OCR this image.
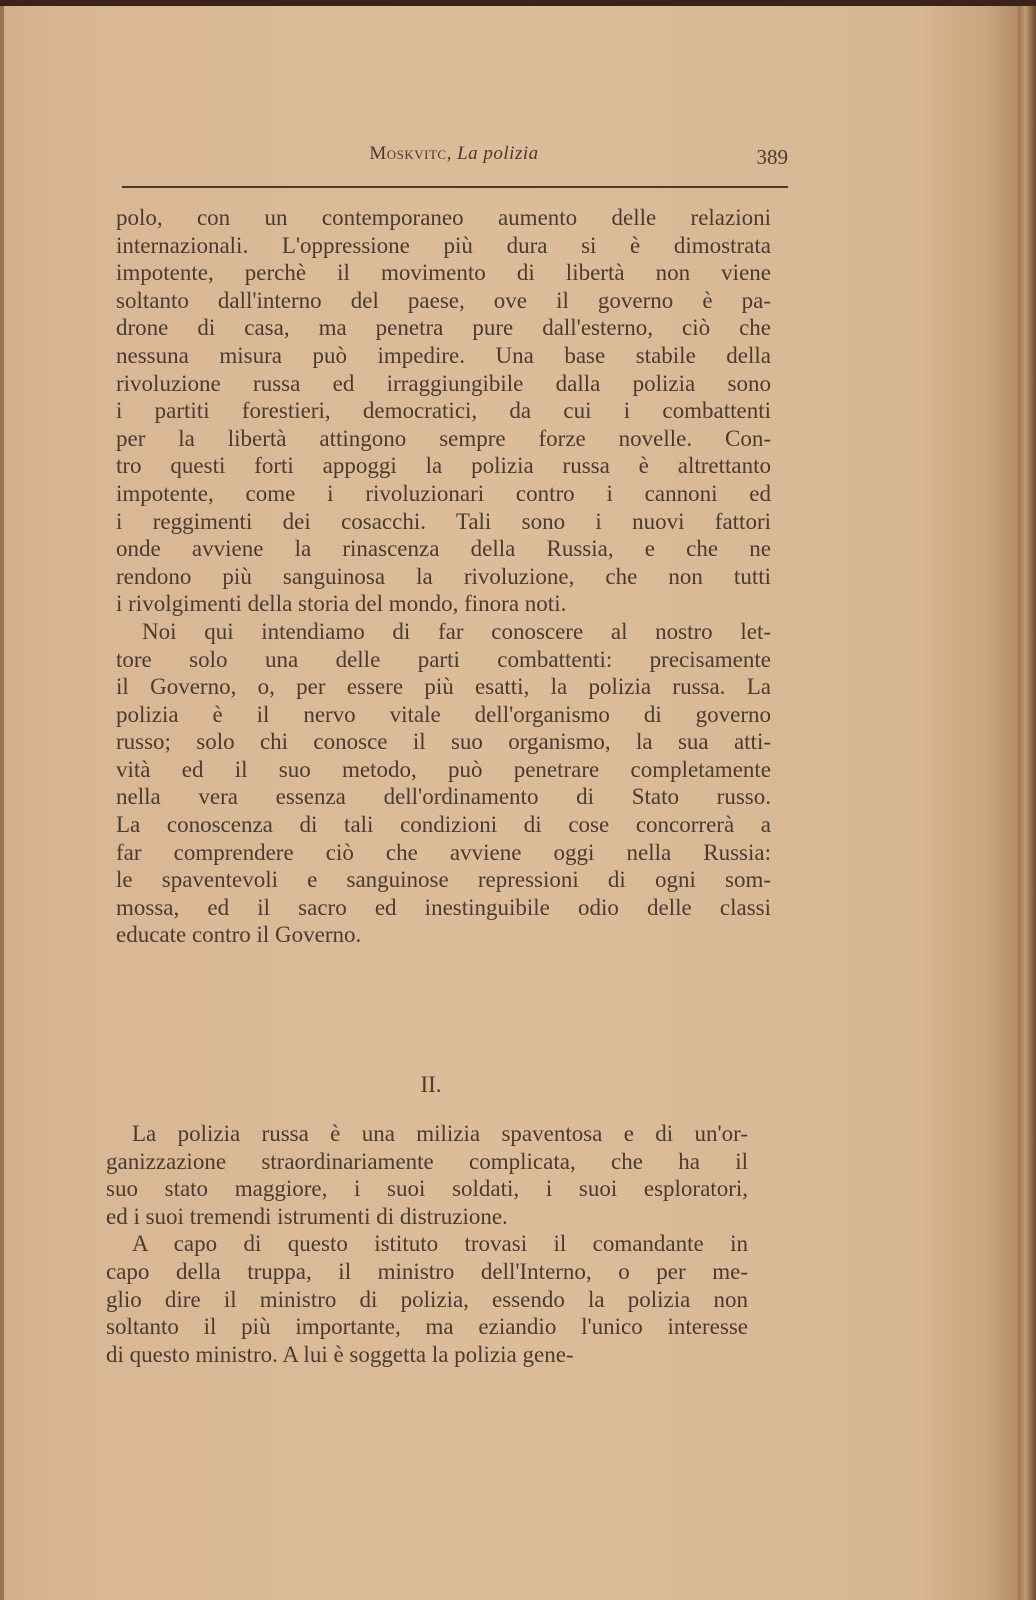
Moskvitc, La polizia	389
polo, con un contemporaneo aumento delle relazioni
internazionali. L'oppressione più dura si è dimostrata
impotente, perchè il movimento di libertà non viene
soltanto dall'interno del paese, ove il governo è pa-
drone di casa, ma penetra pure dall'esterno, ciò che
nessuna misura può impedire. Una base stabile della
rivoluzione russa ed irraggiungibile dalla polizia sono
i partiti forestieri, democratici, da cui i combattenti
per la libertà attingono sempre forze novelle. Con-
tro questi forti appoggi la polizia russa è altrettanto
impotente, come i rivoluzionari contro i cannoni ed
i reggimenti dei cosacchi. Tali sono i nuovi fattori
onde avviene la rinascenza della Russia, e che ne
rendono più sanguinosa la rivoluzione, che non tutti
i rivolgimenti della storia del mondo, finora noti.
Noi qui intendiamo di far conoscere al nostro let-
tore solo una delle parti combattenti: precisamente
il Governo, o, per essere più esatti, la polizia russa. La
polizia è il nervo vitale dell'organismo di governo
russo; solo chi conosce il suo organismo, la sua atti-
vità ed il suo metodo, può penetrare completamente
nella vera essenza dell'ordinamento di Stato russo.
La conoscenza di tali condizioni di cose concorrerà a
far comprendere ciò che avviene oggi nella Russia:
le spaventevoli e sanguinose repressioni di ogni som-
mossa, ed il sacro ed inestinguibile odio delle classi
educate contro il Governo.
II.
La polizia russa è una milizia spaventosa e di un'or-
ganizzazione straordinariamente complicata, che ha il
suo stato maggiore, i suoi soldati, i suoi esploratori,
ed i suoi tremendi istrumenti di distruzione.
A capo di questo istituto trovasi il comandante in
capo della truppa, il ministro dell'Interno, o per me-
glio dire il ministro di polizia, essendo la polizia non
soltanto il più importante, ma eziandio l'unico interesse
di questo ministro. A lui è soggetta la polizia gene-
